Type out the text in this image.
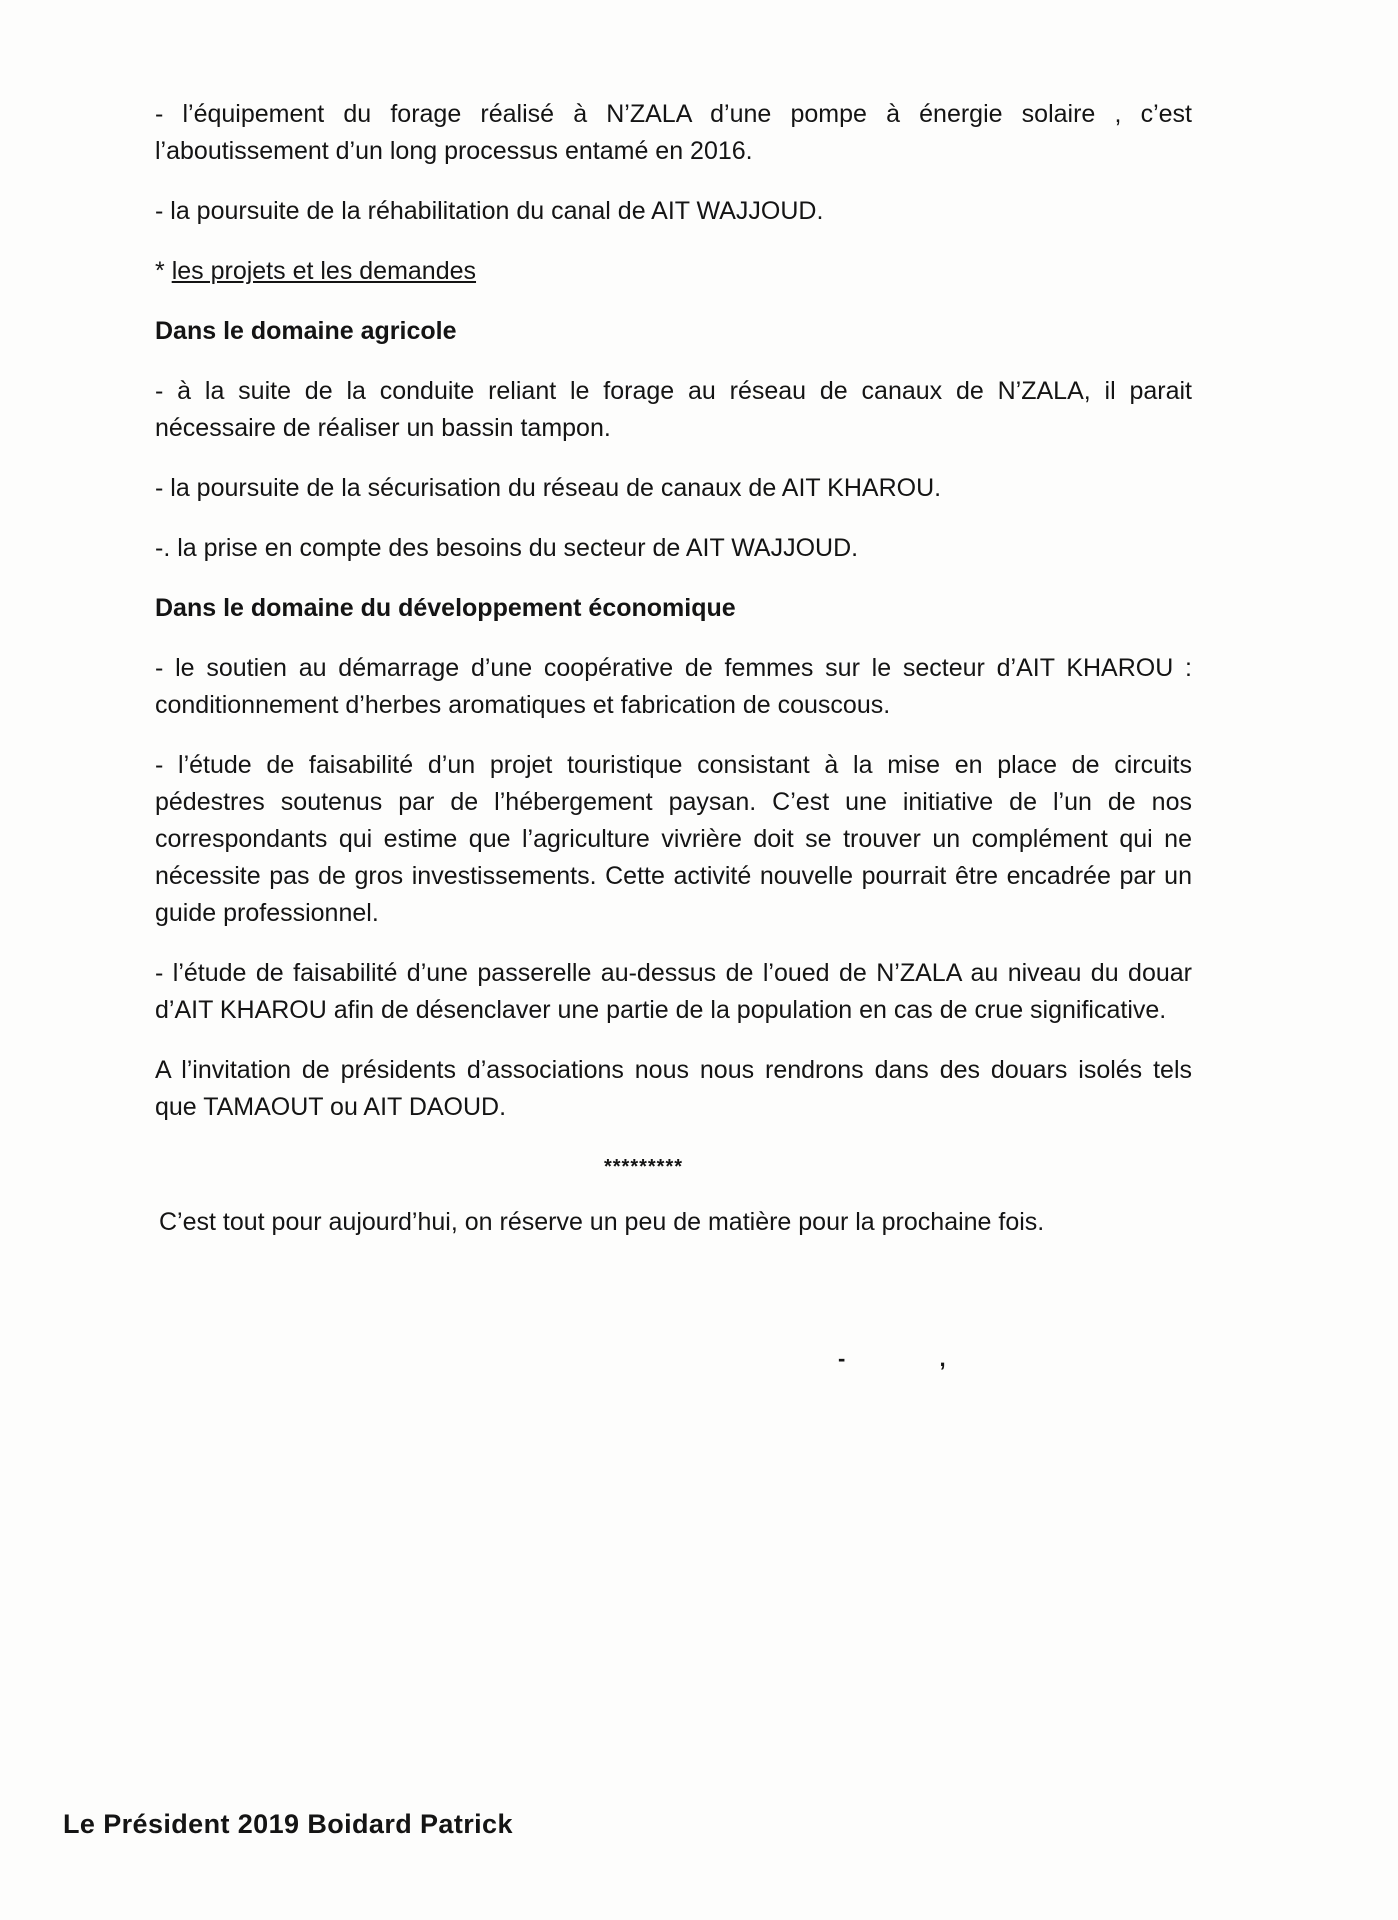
- l’équipement du forage réalisé à N’ZALA d’une pompe à énergie solaire , c’est l’aboutissement d’un long processus entamé en 2016.

- la poursuite de la réhabilitation du canal de AIT WAJJOUD.

* les projets et les demandes

Dans le domaine agricole

- à la suite de la conduite reliant le forage au réseau de canaux de N’ZALA, il parait nécessaire de réaliser un bassin tampon.

- la poursuite de la sécurisation du réseau de canaux de AIT KHAROU.

-. la prise en compte des besoins du secteur de AIT WAJJOUD.

Dans le domaine du développement économique

- le soutien au démarrage d’une coopérative de femmes sur le secteur d’AIT KHAROU : conditionnement d’herbes aromatiques et fabrication de couscous.

- l’étude de faisabilité d’un projet touristique consistant à la mise en place de circuits pédestres soutenus par de l’hébergement paysan. C’est une initiative de l’un de nos correspondants qui estime que l’agriculture vivrière doit se trouver un complément qui ne nécessite pas de gros investissements. Cette activité nouvelle pourrait être encadrée par un guide professionnel.

- l’étude de faisabilité d’une passerelle au-dessus de l’oued de N’ZALA au niveau du douar d’AIT KHAROU afin de désenclaver une partie de la population en cas de crue significative.

A l’invitation de présidents d’associations nous nous rendrons dans des douars isolés tels que TAMAOUT ou AIT DAOUD.

*********

C’est tout pour aujourd’hui, on réserve un peu de matière pour la prochaine fois.

- ,
Le Président 2019 Boidard Patrick
